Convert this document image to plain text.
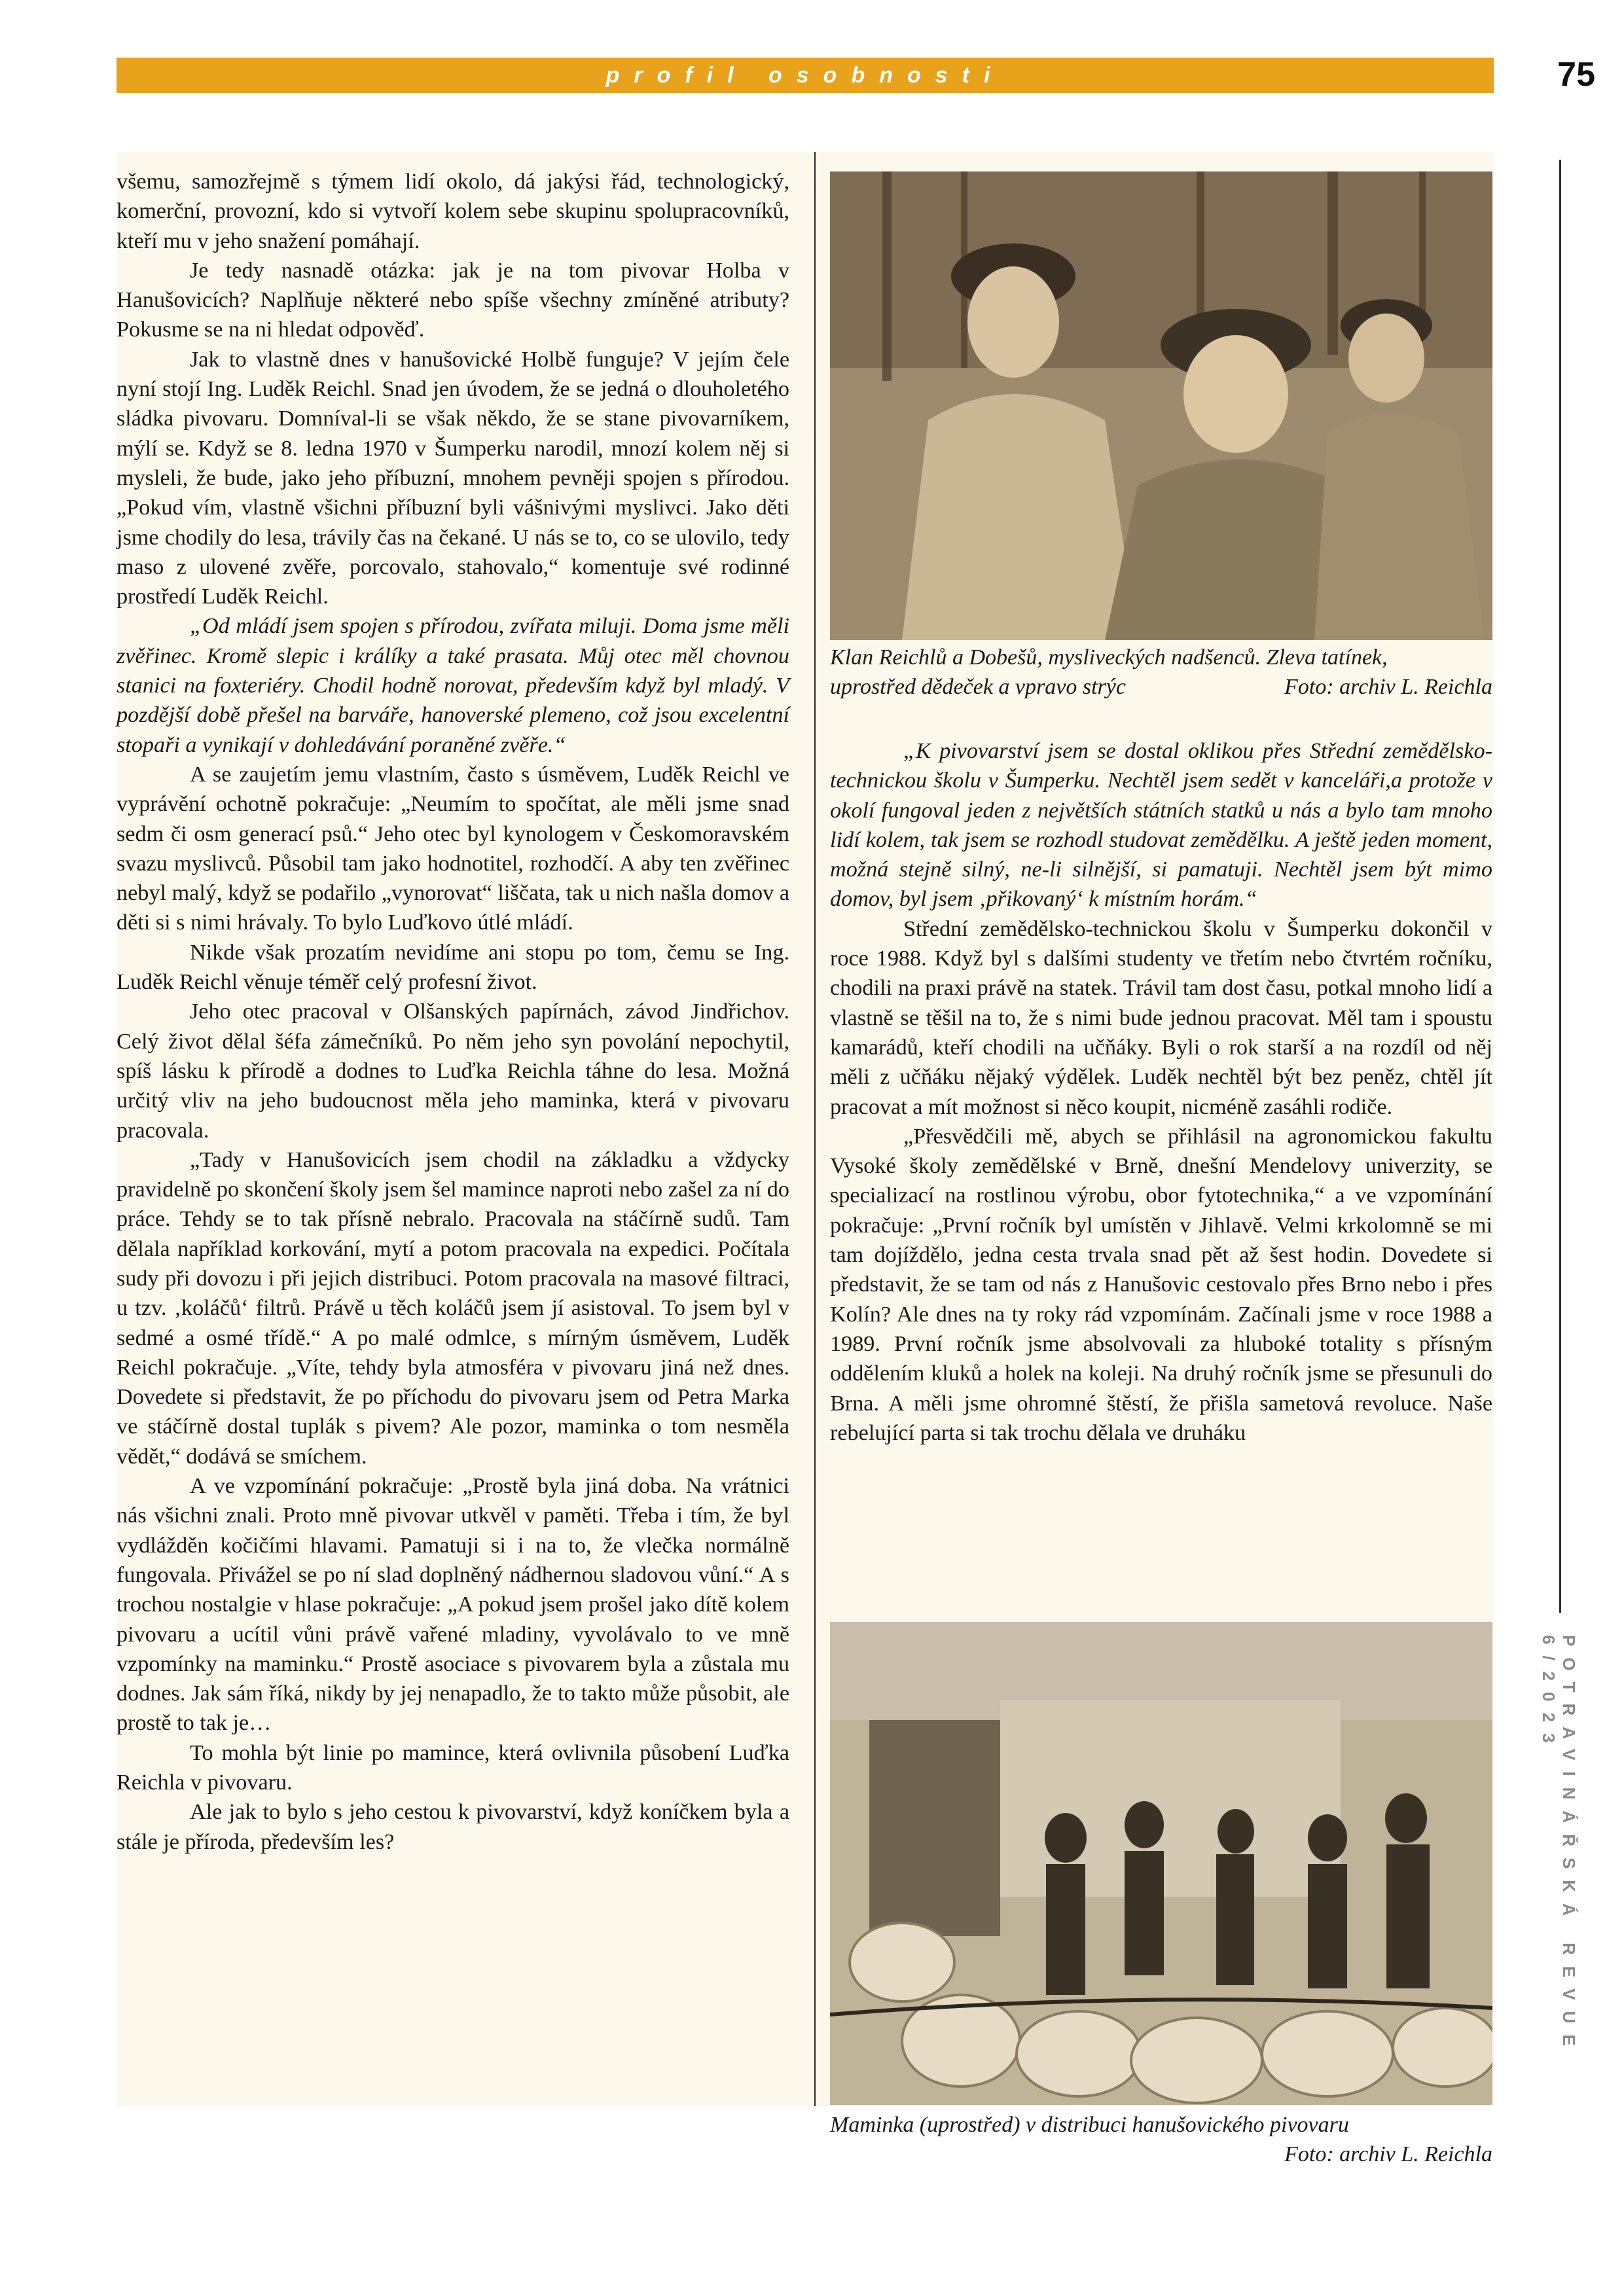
profil osobnosti	75

všemu, samozřejmě s týmem lidí okolo, dá jakýsi řád, technologický, komerční, provozní, kdo si vytvoří kolem sebe skupinu spolupracovníků, kteří mu v jeho snažení pomáhají.

Je tedy nasnadě otázka: jak je na tom pivovar Holba v Hanušovicích? Naplňuje některé nebo spíše všechny zmíněné atributy? Pokusme se na ni hledat odpověď.

Jak to vlastně dnes v hanušovické Holbě funguje? V jejím čele nyní stojí Ing. Luděk Reichl. Snad jen úvodem, že se jedná o dlouholetého sládka pivovaru. Domníval-li se však někdo, že se stane pivovarníkem, mýlí se. Když se 8. ledna 1970 v Šumperku narodil, mnozí kolem něj si mysleli, že bude, jako jeho příbuzní, mnohem pevněji spojen s přírodou. „Pokud vím, vlastně všichni příbuzní byli vášnivými myslivci. Jako děti jsme chodily do lesa, trávily čas na čekané. U nás se to, co se ulovilo, tedy maso z ulovené zvěře, porcovalo, stahovalo,“ komentuje své rodinné prostředí Luděk Reichl.

„Od mládí jsem spojen s přírodou, zvířata miluji. Doma jsme měli zvěřinec. Kromě slepic i králíky a také prasata. Můj otec měl chovnou stanici na foxteriéry. Chodil hodně norovat, především když byl mladý. V pozdější době přešel na barváře, hanoverské plemeno, což jsou excelentní stopaři a vynikají v dohledávání poraněné zvěře.“

A se zaujetím jemu vlastním, často s úsměvem, Luděk Reichl ve vyprávění ochotně pokračuje: „Neumím to spočítat, ale měli jsme snad sedm či osm generací psů.“ Jeho otec byl kynologem v Českomoravském svazu myslivců. Působil tam jako hodnotitel, rozhodčí. A aby ten zvěřinec nebyl malý, když se podařilo „vynorovat“ liščata, tak u nich našla domov a děti si s nimi hrávaly. To bylo Luďkovo útlé mládí.

Nikde však prozatím nevidíme ani stopu po tom, čemu se Ing. Luděk Reichl věnuje téměř celý profesní život.

Jeho otec pracoval v Olšanských papírnách, závod Jindřichov. Celý život dělal šéfa zámečníků. Po něm jeho syn povolání nepochytil, spíš lásku k přírodě a dodnes to Luďka Reichla táhne do lesa. Možná určitý vliv na jeho budoucnost měla jeho maminka, která v pivovaru pracovala.

„Tady v Hanušovicích jsem chodil na základku a vždycky pravidelně po skončení školy jsem šel mamince naproti nebo zašel za ní do práce. Tehdy se to tak přísně nebralo. Pracovala na stáčírně sudů. Tam dělala například korkování, mytí a potom pracovala na expedici. Počítala sudy při dovozu i při jejich distribuci. Potom pracovala na masové filtraci, u tzv. ‚koláčů‘ filtrů. Právě u těch koláčů jsem jí asistoval. To jsem byl v sedmé a osmé třídě.“ A po malé odmlce, s mírným úsměvem, Luděk Reichl pokračuje. „Víte, tehdy byla atmosféra v pivovaru jiná než dnes. Dovedete si představit, že po příchodu do pivovaru jsem od Petra Marka ve stáčírně dostal tuplák s pivem? Ale pozor, maminka o tom nesměla vědět,“ dodává se smíchem.

A ve vzpomínání pokračuje: „Prostě byla jiná doba. Na vrátnici nás všichni znali. Proto mně pivovar utkvěl v paměti. Třeba i tím, že byl vydlážděn kočičími hlavami. Pamatuji si i na to, že vlečka normálně fungovala. Přivážel se po ní slad doplněný nádhernou sladovou vůní.“ A s trochou nostalgie v hlase pokračuje: „A pokud jsem prošel jako dítě kolem pivovaru a ucítil vůni právě vařené mladiny, vyvolávalo to ve mně vzpomínky na maminku.“ Prostě asociace s pivovarem byla a zůstala mu dodnes. Jak sám říká, nikdy by jej nenapadlo, že to takto může působit, ale prostě to tak je…

To mohla být linie po mamince, která ovlivnila působení Luďka Reichla v pivovaru.

Ale jak to bylo s jeho cestou k pivovarství, když koníčkem byla a stále je příroda, především les?

Klan Reichlů a Dobešů, mysliveckých nadšenců. Zleva tatínek,
uprostřed dědeček a vpravo strýc	Foto: archiv L. Reichla

„K pivovarství jsem se dostal oklikou přes Střední zemědělsko-technickou školu v Šumperku. Nechtěl jsem sedět v kanceláři,a protože v okolí fungoval jeden z největších státních statků u nás a bylo tam mnoho lidí kolem, tak jsem se rozhodl studovat zemědělku. A ještě jeden moment, možná stejně silný, ne-li silnější, si pamatuji. Nechtěl jsem být mimo domov, byl jsem ‚přikovaný‘ k místním horám.“

Střední zemědělsko-technickou školu v Šumperku dokončil v roce 1988. Když byl s dalšími studenty ve třetím nebo čtvrtém ročníku, chodili na praxi právě na statek. Trávil tam dost času, potkal mnoho lidí a vlastně se těšil na to, že s nimi bude jednou pracovat. Měl tam i spoustu kamarádů, kteří chodili na učňáky. Byli o rok starší a na rozdíl od něj měli z učňáku nějaký výdělek. Luděk nechtěl být bez peněz, chtěl jít pracovat a mít možnost si něco koupit, nicméně zasáhli rodiče.

„Přesvědčili mě, abych se přihlásil na agronomickou fakultu Vysoké školy zemědělské v Brně, dnešní Mendelovy univerzity, se specializací na rostlinou výrobu, obor fytotechnika,“ a ve vzpomínání pokračuje: „První ročník byl umístěn v Jihlavě. Velmi krkolomně se mi tam dojíždělo, jedna cesta trvala snad pět až šest hodin. Dovedete si představit, že se tam od nás z Hanušovic cestovalo přes Brno nebo i přes Kolín? Ale dnes na ty roky rád vzpomínám. Začínali jsme v roce 1988 a 1989. První ročník jsme absolvovali za hluboké totality s přísným oddělením kluků a holek na koleji. Na druhý ročník jsme se přesunuli do Brna. A měli jsme ohromné štěstí, že přišla sametová revoluce. Naše rebelující parta si tak trochu dělala ve druháku

Maminka (uprostřed) v distribuci hanušovického pivovaru
Foto: archiv L. Reichla
POTRAVINÁŘSKÁ REVUE 6/2023
